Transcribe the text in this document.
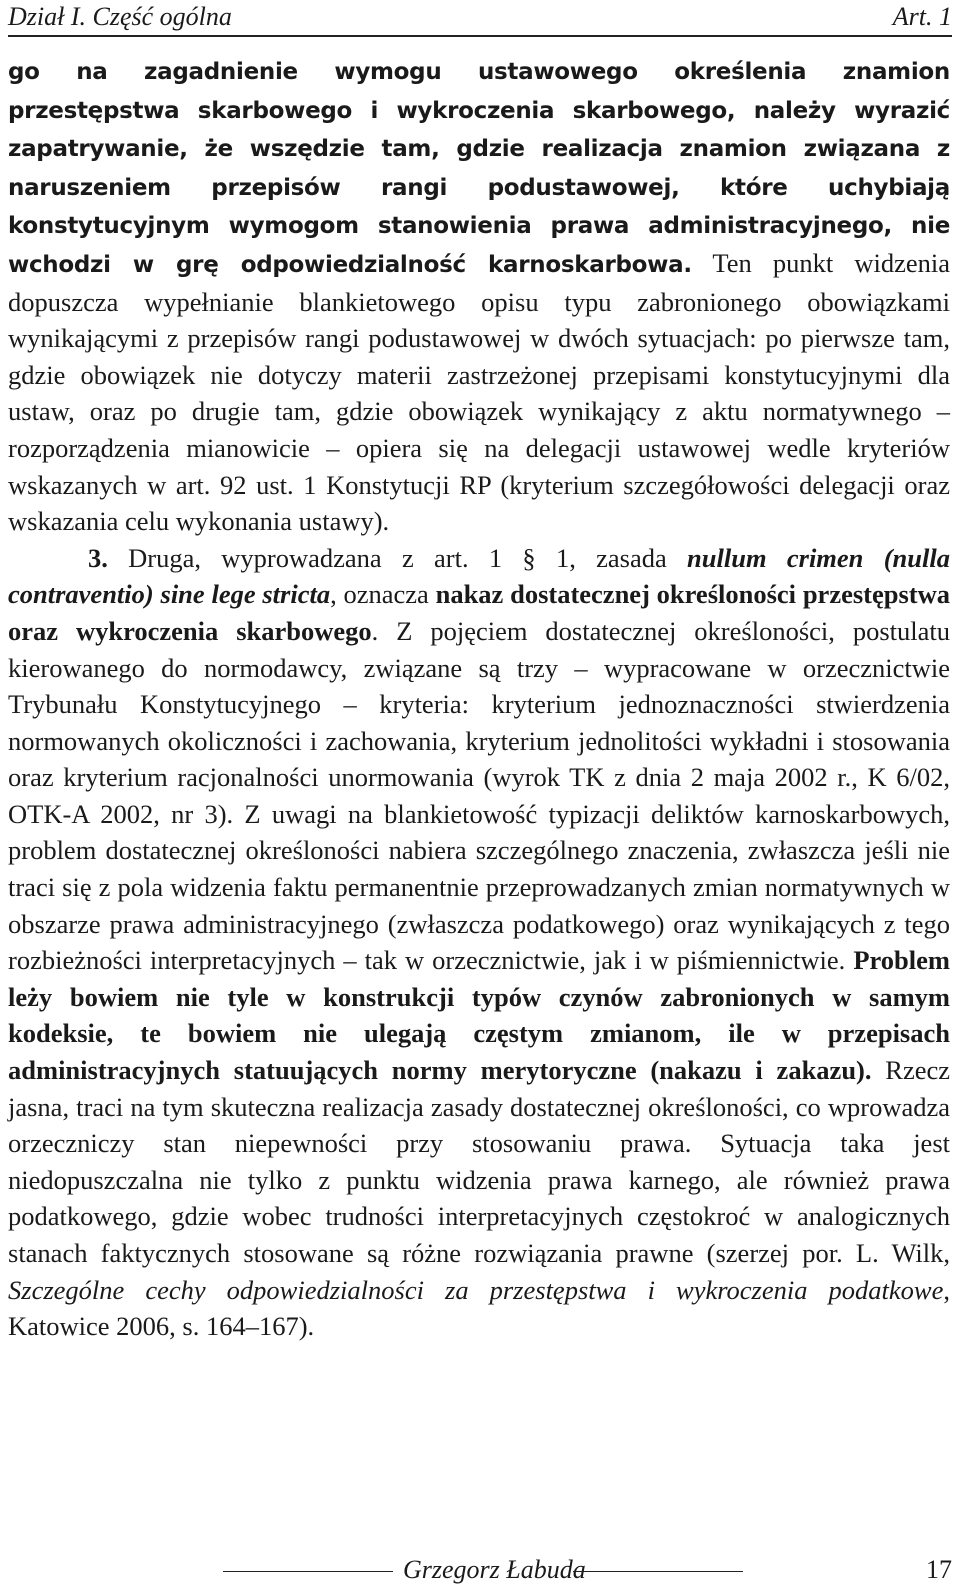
Dział I. Część ogólna	Art. 1

go na zagadnienie wymogu ustawowego określenia znamion przestępstwa skarbowego i wykroczenia skarbowego, należy wyrazić zapatrywanie, że wszędzie tam, gdzie realizacja znamion związana z naruszeniem przepisów rangi podustawowej, które uchybiają konstytucyjnym wymogom stanowienia prawa administracyjnego, nie wchodzi w grę odpowiedzialność karnoskarbowa. Ten punkt widzenia dopuszcza wypełnianie blankietowego opisu typu zabronionego obowiązkami wynikającymi z przepisów rangi podustawowej w dwóch sytuacjach: po pierwsze tam, gdzie obowiązek nie dotyczy materii zastrzeżonej przepisami konstytucyjnymi dla ustaw, oraz po drugie tam, gdzie obowiązek wynikający z aktu normatywnego – rozporządzenia mianowicie – opiera się na delegacji ustawowej wedle kryteriów wskazanych w art. 92 ust. 1 Konstytucji RP (kryterium szczegółowości delegacji oraz wskazania celu wykonania ustawy).

3. Druga, wyprowadzana z art. 1 § 1, zasada nullum crimen (nulla contraventio) sine lege stricta, oznacza nakaz dostatecznej określoności przestępstwa oraz wykroczenia skarbowego. Z pojęciem dostatecznej określoności, postulatu kierowanego do normodawcy, związane są trzy – wypracowane w orzecznictwie Trybunału Konstytucyjnego – kryteria: kryterium jednoznaczności stwierdzenia normowanych okoliczności i zachowania, kryterium jednolitości wykładni i stosowania oraz kryterium racjonalności unormowania (wyrok TK z dnia 2 maja 2002 r., K 6/02, OTK-A 2002, nr 3). Z uwagi na blankietowość typizacji deliktów karnoskarbowych, problem dostatecznej określoności nabiera szczególnego znaczenia, zwłaszcza jeśli nie traci się z pola widzenia faktu permanentnie przeprowadzanych zmian normatywnych w obszarze prawa administracyjnego (zwłaszcza podatkowego) oraz wynikających z tego rozbieżności interpretacyjnych – tak w orzecznictwie, jak i w piśmiennictwie. Problem leży bowiem nie tyle w konstrukcji typów czynów zabronionych w samym kodeksie, te bowiem nie ulegają częstym zmianom, ile w przepisach administracyjnych statuujących normy merytoryczne (nakazu i zakazu). Rzecz jasna, traci na tym skuteczna realizacja zasady dostatecznej określoności, co wprowadza orzeczniczy stan niepewności przy stosowaniu prawa. Sytuacja taka jest niedopuszczalna nie tylko z punktu widzenia prawa karnego, ale również prawa podatkowego, gdzie wobec trudności interpretacyjnych częstokroć w analogicznych stanach faktycznych stosowane są różne rozwiązania prawne (szerzej por. L. Wilk, Szczególne cechy odpowiedzialności za przestępstwa i wykroczenia podatkowe, Katowice 2006, s. 164–167).

Grzegorz Łabuda	17
